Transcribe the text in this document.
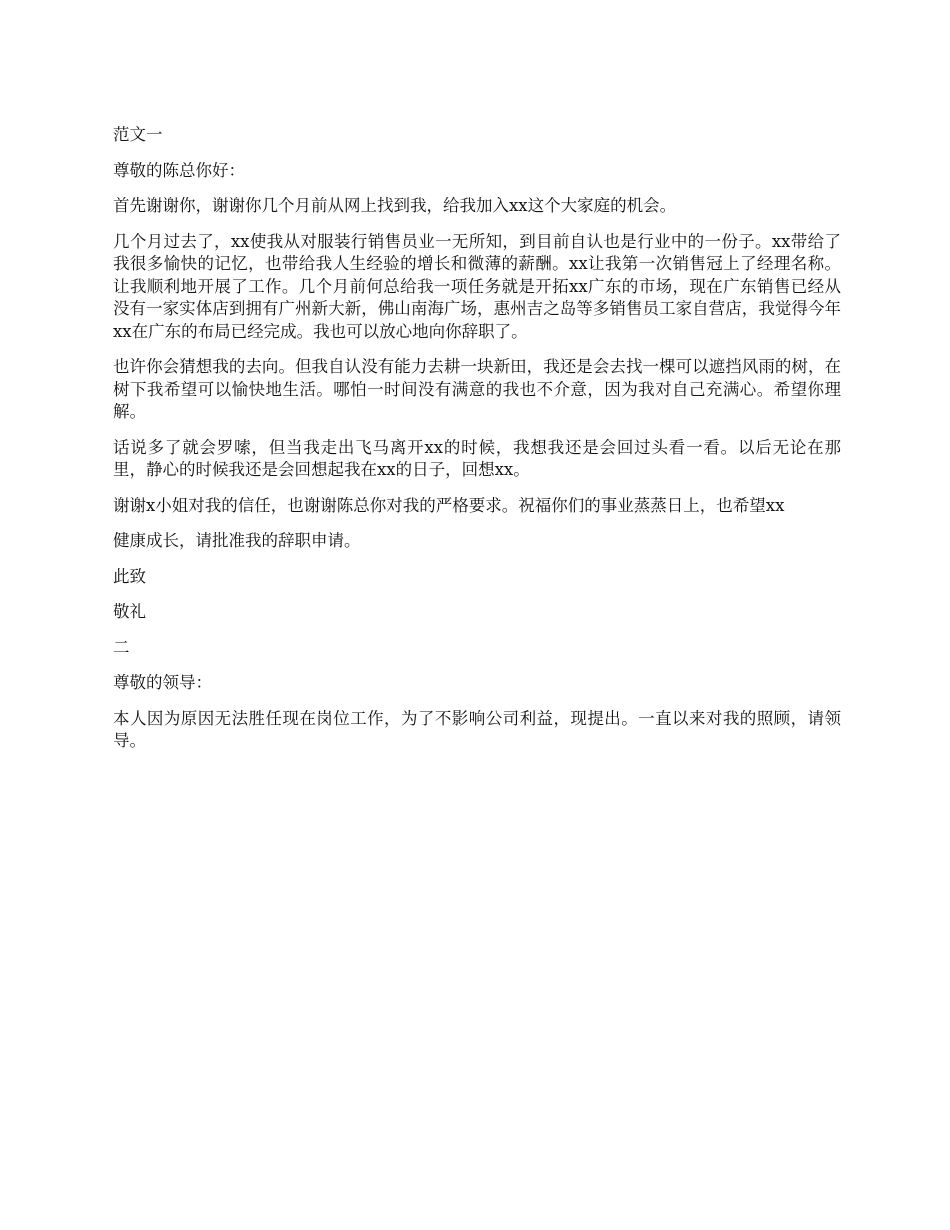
范文一

尊敬的陈总你好：

首先谢谢你，谢谢你几个月前从网上找到我，给我加入xx这个大家庭的机会。

几个月过去了，xx使我从对服装行销售员业一无所知，到目前自认也是行业中的一份子。xx带给了我很多愉快的记忆，也带给我人生经验的增长和微薄的薪酬。xx让我第一次销售冠上了经理名称。让我顺利地开展了工作。几个月前何总给我一项任务就是开拓xx广东的市场，现在广东销售已经从没有一家实体店到拥有广州新大新，佛山南海广场，惠州吉之岛等多销售员工家自营店，我觉得今年xx在广东的布局已经完成。我也可以放心地向你辞职了。

也许你会猜想我的去向。但我自认没有能力去耕一块新田，我还是会去找一棵可以遮挡风雨的树，在树下我希望可以愉快地生活。哪怕一时间没有满意的我也不介意，因为我对自己充满心。希望你理解。

话说多了就会罗嗦，但当我走出飞马离开xx的时候，我想我还是会回过头看一看。以后无论在那里，静心的时候我还是会回想起我在xx的日子，回想xx。

谢谢x小姐对我的信任，也谢谢陈总你对我的严格要求。祝福你们的事业蒸蒸日上，也希望xx

健康成长，请批准我的辞职申请。

此致

敬礼

二

尊敬的领导：

本人因为原因无法胜任现在岗位工作，为了不影响公司利益，现提出。一直以来对我的照顾，请领导。
